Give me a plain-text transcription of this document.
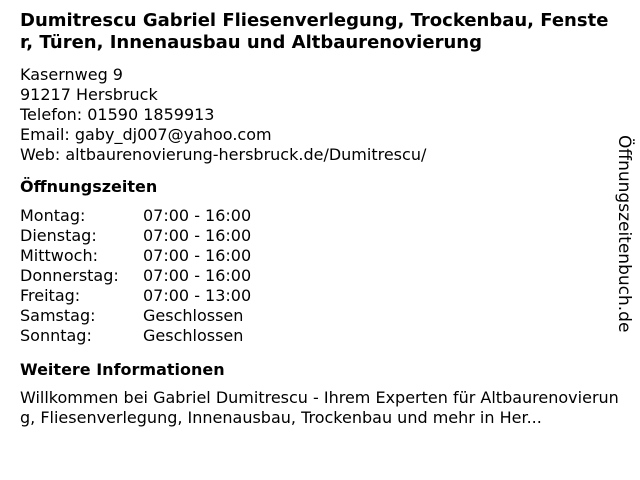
Dumitrescu Gabriel Fliesenverlegung, Trockenbau, Fenster, Türen, Innenausbau und Altbaurenovierung
Kasernweg 9
91217 Hersbruck
Telefon: 01590 1859913
Email: gaby_dj007@yahoo.com
Web: altbaurenovierung-hersbruck.de/Dumitrescu/
Öffnungszeiten
Montag:	07:00 - 16:00
Dienstag:	07:00 - 16:00
Mittwoch:	07:00 - 16:00
Donnerstag:	07:00 - 16:00
Freitag:	07:00 - 13:00
Samstag:	Geschlossen
Sonntag:	Geschlossen
Weitere Informationen
Willkommen bei Gabriel Dumitrescu - Ihrem Experten für Altbaurenovierung, Fliesenverlegung, Innenausbau, Trockenbau und mehr in Her...
Öffnungszeitenbuch.de
